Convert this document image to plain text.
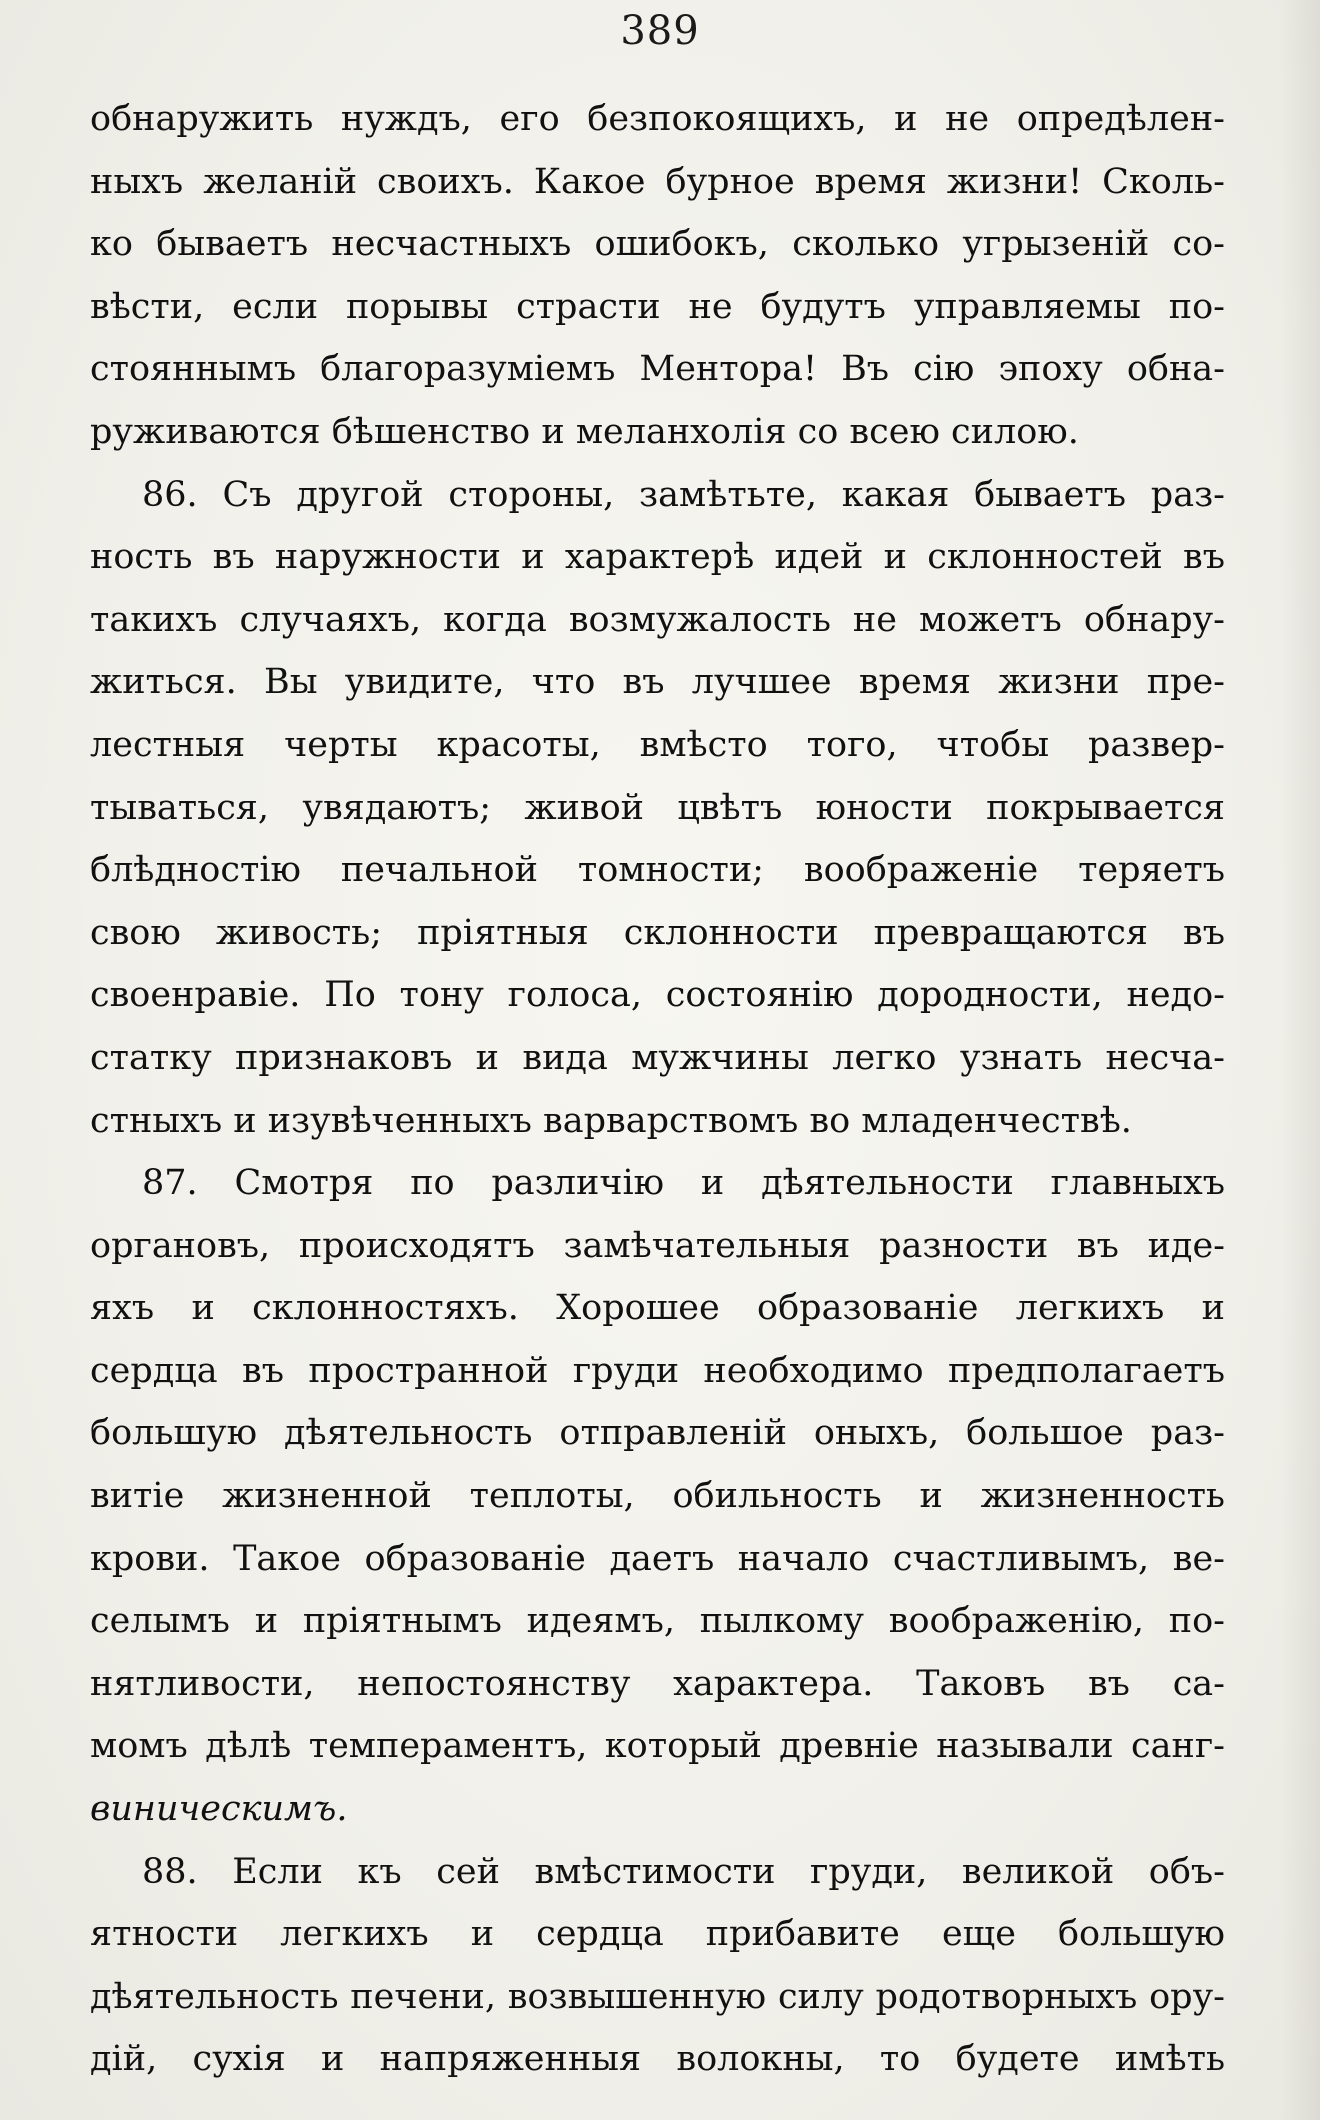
389
обнаружить нуждъ, его безпокоящихъ, и не опредѣлен-
ныхъ желаній своихъ. Какое бурное время жизни! Сколь-
ко бываетъ несчастныхъ ошибокъ, сколько угрызеній со-
вѣсти, если порывы страсти не будутъ управляемы по-
стояннымъ благоразуміемъ Ментора! Въ сію эпоху обна-
руживаются бѣшенство и меланхолія со всею силою.
86. Съ другой стороны, замѣтьте, какая бываетъ раз-
ность въ наружности и характерѣ идей и склонностей въ
такихъ случаяхъ, когда возмужалость не можетъ обнару-
житься. Вы увидите, что въ лучшее время жизни пре-
лестныя черты красоты, вмѣсто того, чтобы развер-
тываться, увядаютъ; живой цвѣтъ юности покрывается
блѣдностію печальной томности; воображеніе теряетъ
свою живость; пріятныя склонности превращаются въ
своенравіе. По тону голоса, состоянію дородности, недо-
статку признаковъ и вида мужчины легко узнать несча-
стныхъ и изувѣченныхъ варварствомъ во младенчествѣ.
87. Смотря по различію и дѣятельности главныхъ
органовъ, происходятъ замѣчательныя разности въ иде-
яхъ и склонностяхъ. Хорошее образованіе легкихъ и
сердца въ пространной груди необходимо предполагаетъ
большую дѣятельность отправленій оныхъ, большое раз-
витіе жизненной теплоты, обильность и жизненность
крови. Такое образованіе даетъ начало счастливымъ, ве-
селымъ и пріятнымъ идеямъ, пылкому воображенію, по-
нятливости, непостоянству характера. Таковъ въ са-
момъ дѣлѣ темпераментъ, который древніе называли санг-
виническимъ.
88. Если къ сей вмѣстимости груди, великой объ-
ятности легкихъ и сердца прибавите еще большую
дѣятельность печени, возвышенную силу родотворныхъ ору-
дій, сухія и напряженныя волокны, то будете имѣть
